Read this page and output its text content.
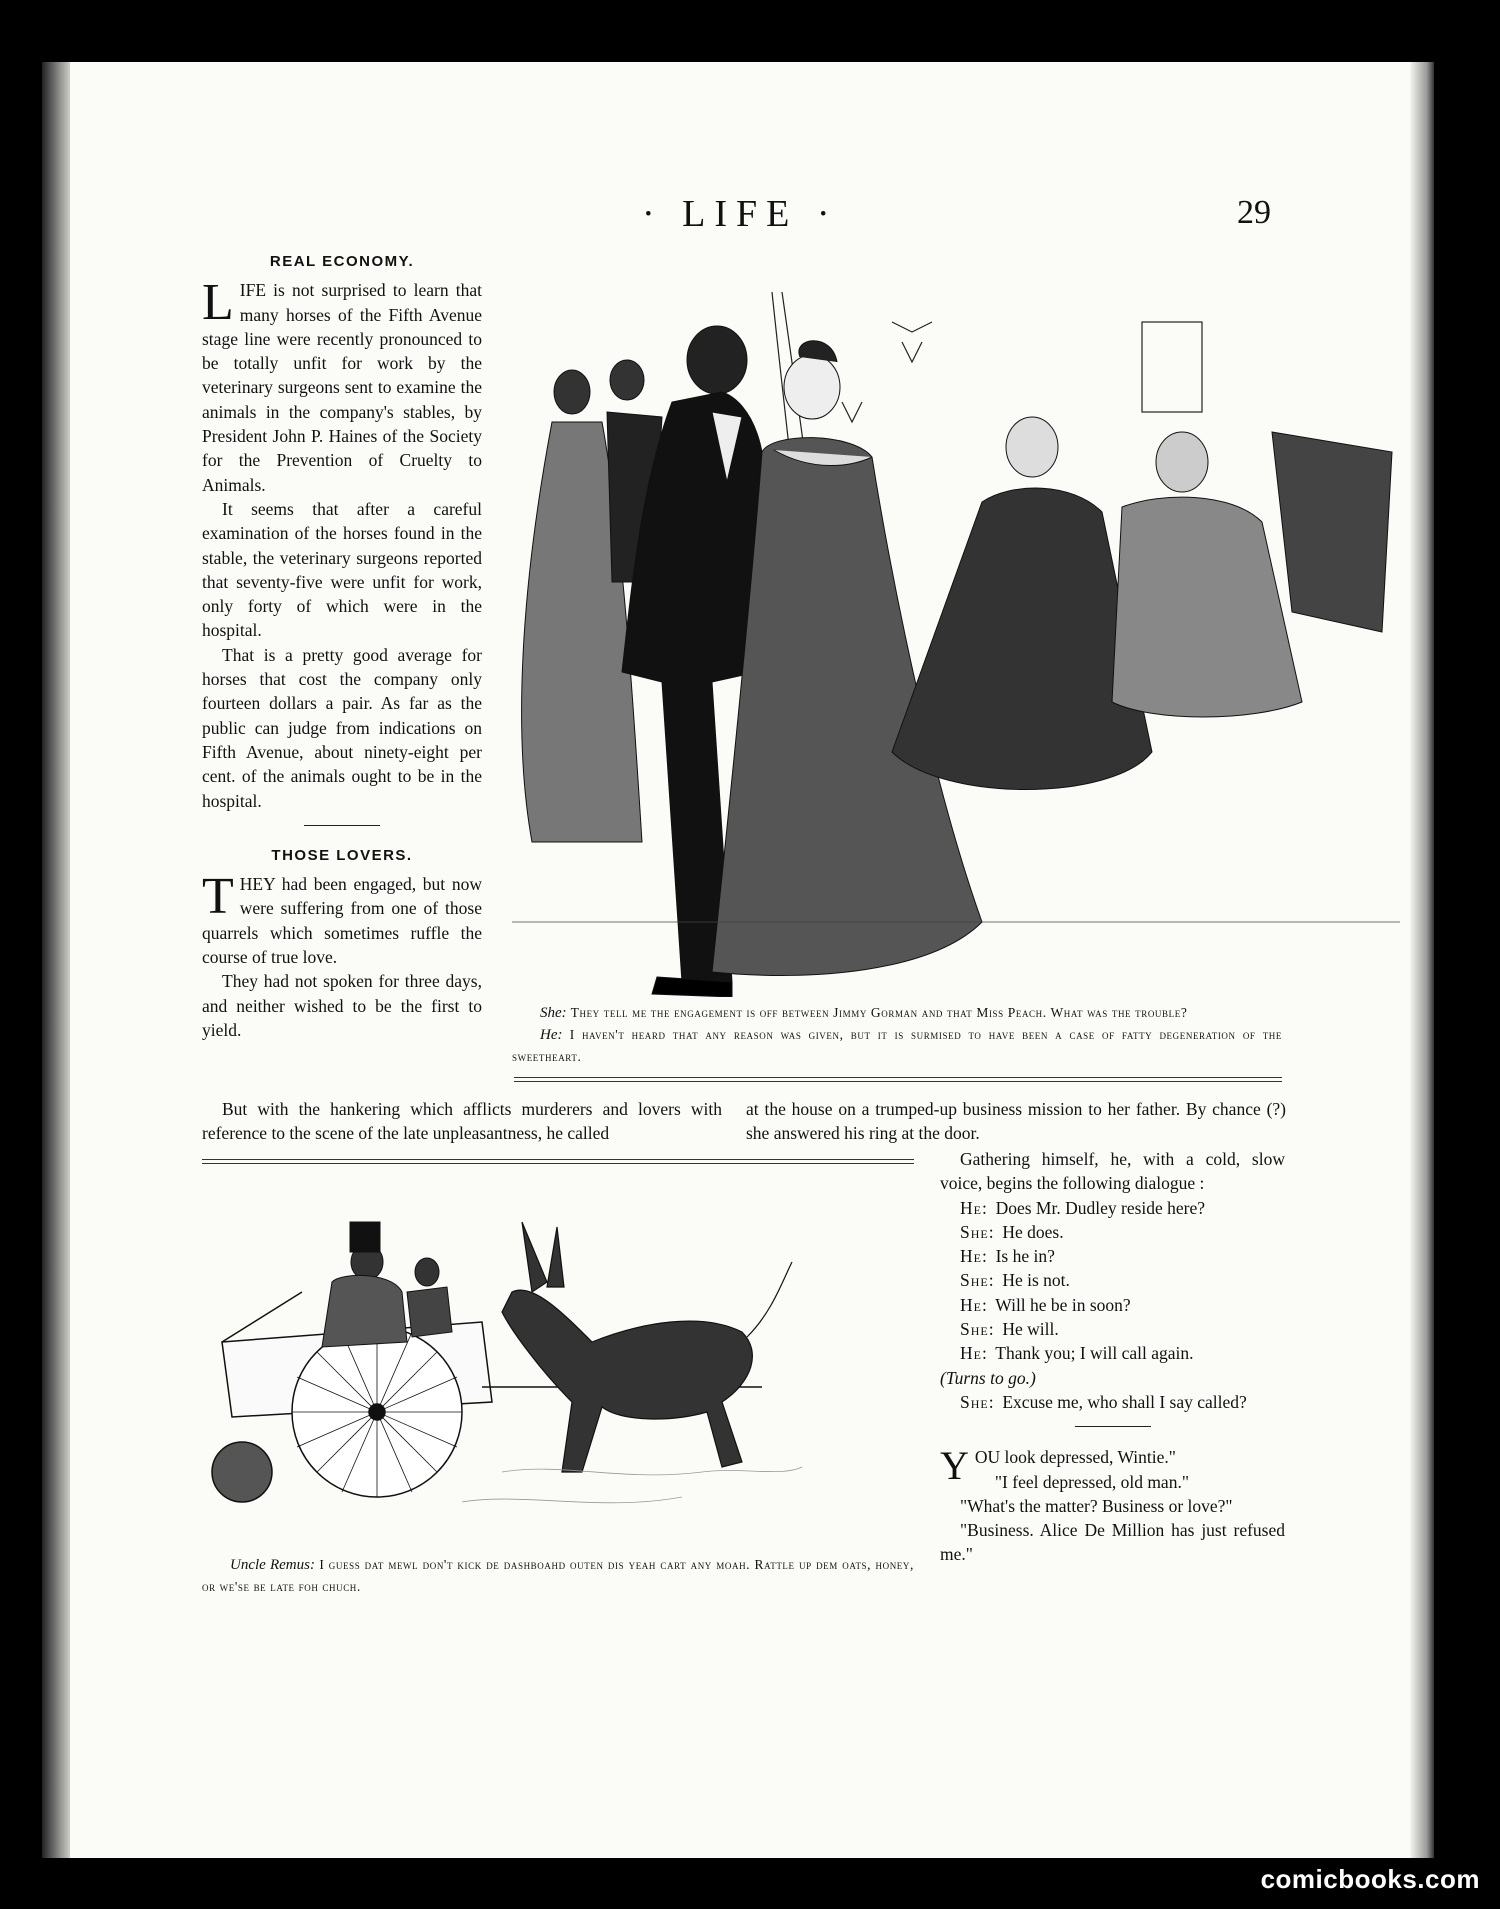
· LIFE ·	29
REAL ECONOMY.

LIFE is not surprised to learn that many horses of the Fifth Avenue stage line were recently pronounced to be totally unfit for work by the veterinary surgeons sent to examine the animals in the company's stables, by President John P. Haines of the Society for the Prevention of Cruelty to Animals.

It seems that after a careful examination of the horses found in the stable, the veterinary surgeons reported that seventy-five were unfit for work, only forty of which were in the hospital.

That is a pretty good average for horses that cost the company only fourteen dollars a pair. As far as the public can judge from indications on Fifth Avenue, about ninety-eight per cent. of the animals ought to be in the hospital.

THOSE LOVERS.

THEY had been engaged, but now were suffering from one of those quarrels which sometimes ruffle the course of true love.

They had not spoken for three days, and neither wished to be the first to yield.

She: They tell me the engagement is off between Jimmy Gorman and that Miss Peach. What was the trouble?

He: I haven't heard that any reason was given, but it is surmised to have been a case of fatty degeneration of the sweetheart.

But with the hankering which afflicts murderers and lovers with reference to the scene of the late unpleasantness, he called

at the house on a trumped-up business mission to her father. By chance (?) she answered his ring at the door.

Uncle Remus: I guess dat mewl don't kick de dashboahd outen dis yeah cart any moah. Rattle up dem oats, honey, or we'se be late foh chuch.

Gathering himself, he, with a cold, slow voice, begins the following dialogue :

He:  Does Mr. Dudley reside here?
She:  He does.
He:  Is he in?
She:  He is not.
He:  Will he be in soon?
She:  He will.
He:  Thank you; I will call again.
(Turns to go.)
She:  Excuse me, who shall I say called?

YOU look depressed, Wintie."

"I feel depressed, old man."

"What's the matter? Business or love?"

"Business. Alice De Million has just refused me."

comicbooks.com
